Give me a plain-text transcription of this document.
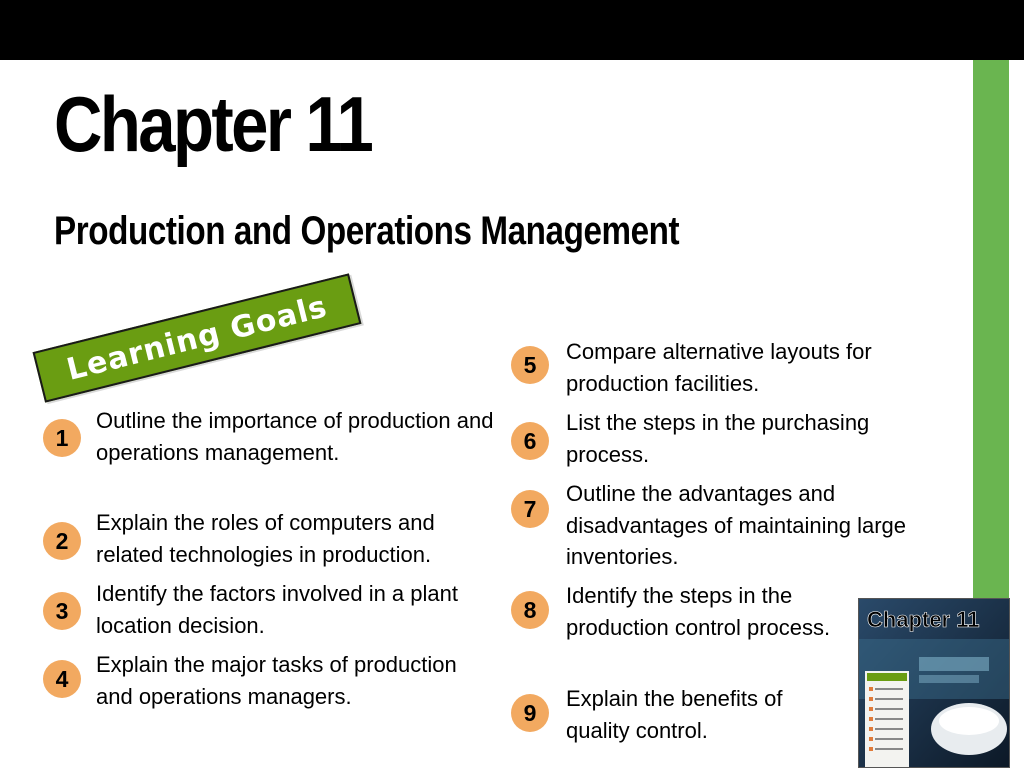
Chapter 11
Production and Operations Management
Learning Goals
1
Outline the importance of production and operations management.
2
Explain the roles of computers and related technologies in production.
3
Identify the factors involved in a plant location decision.
4
Explain the major tasks of production and operations managers.
5	Compare alternative layouts for production facilities.
6
List the steps in the purchasing process.
7
Outline the advantages and disadvantages of maintaining large inventories.
8
Identify the steps in the production control process.
9
Explain the benefits of quality control.
Chapter 11
